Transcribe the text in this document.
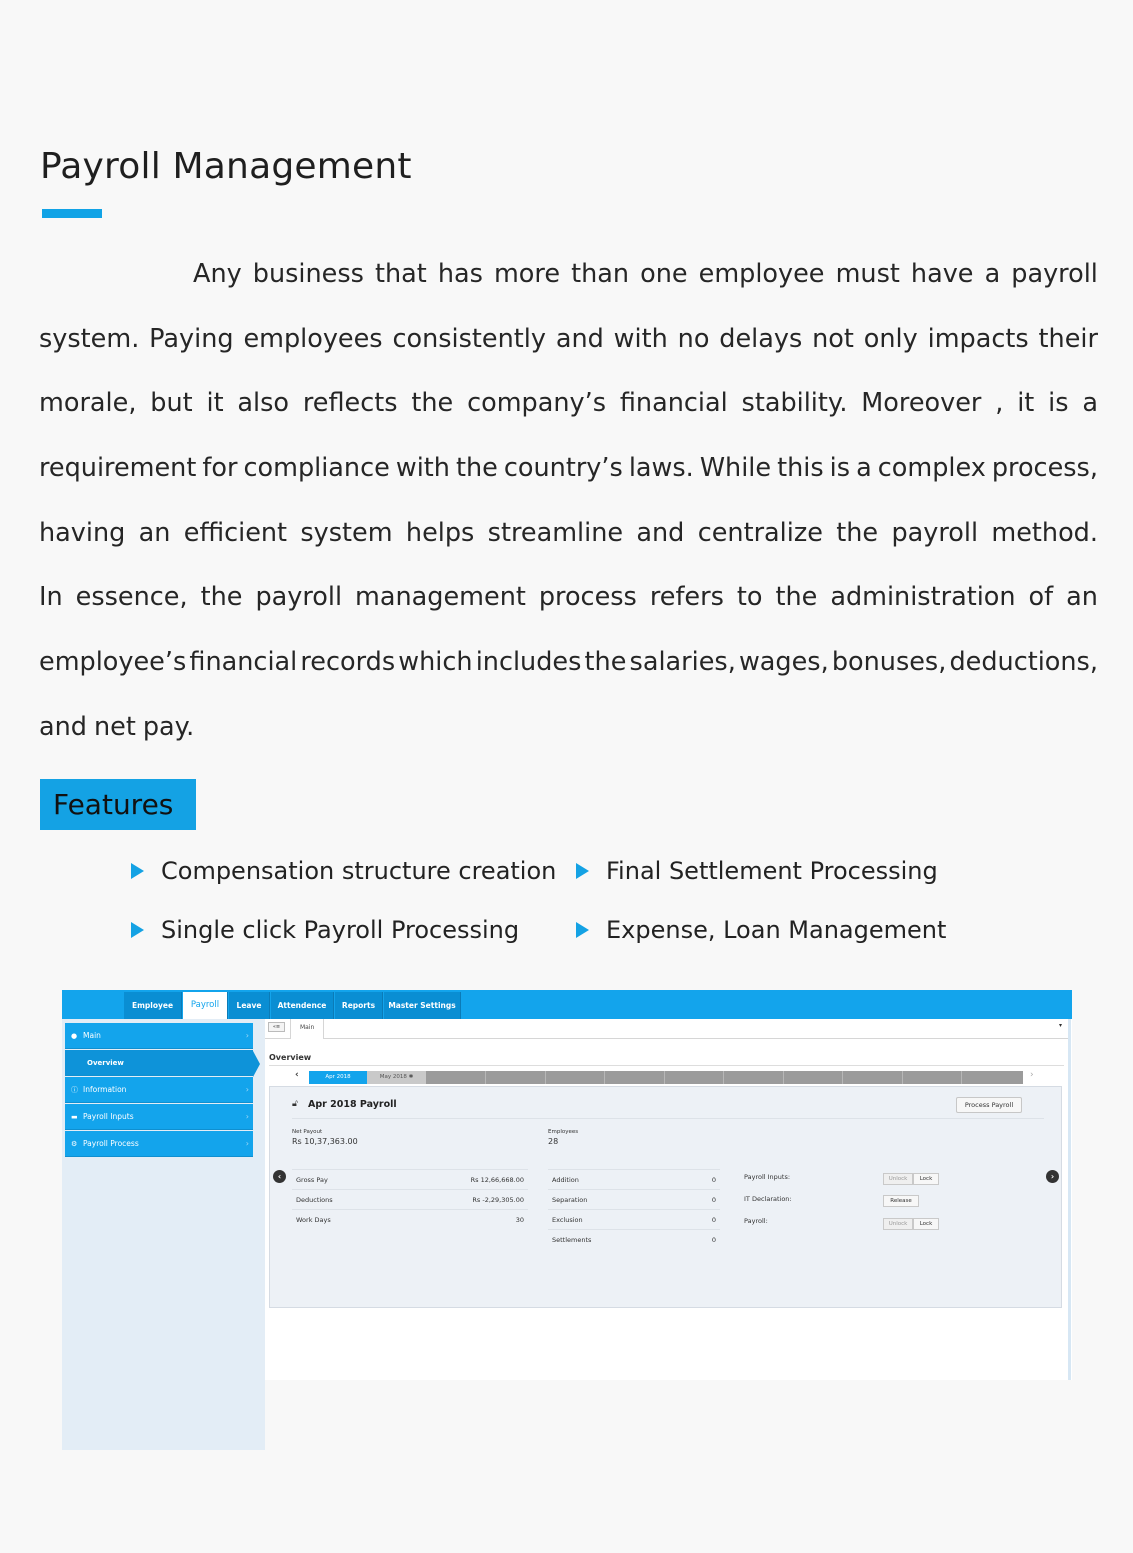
Payroll Management
Any business that has more than one employee must have a payroll
system. Paying employees consistently and with no delays not only impacts their
morale, but it also reflects the company’s financial stability. Moreover , it is a
requirement for compliance with the country’s laws. While this is a complex process,
having an efficient system helps streamline and centralize the payroll method.
In essence, the payroll management process refers to the administration of an
employee’s financial records which includes the salaries, wages, bonuses, deductions,
and net pay.
Features
Compensation structure creation Final Settlement Processing
Single click Payroll Processing	Expense, Loan Management
Employee	Payroll	Leave	Attendence	Reports	Master Settings
● Main	›
Overview
ⓘ Information	›
▬ Payroll Inputs	›
⚙ Payroll Process	›
«≡	Main	▾
Overview
‹	Apr 2018	May 2018 ✱	›
🔓︎ Apr 2018 Payroll	Process Payroll
Net Payout
Rs 10,37,363.00
Employees
28
‹	›
Gross Pay	Rs 12,66,668.00
Deductions	Rs -2,29,305.00
Work Days	30
Addition	0
Separation	0
Exclusion	0
Settlements	0
Payroll Inputs:	Unlock	Lock
IT Declaration:	Release
Payroll:	Unlock	Lock
